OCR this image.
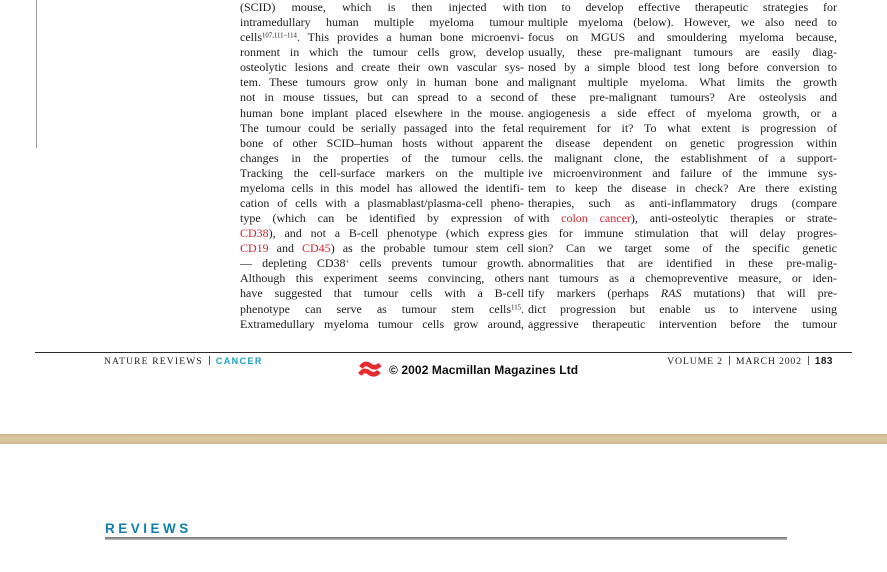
(SCID) mouse, which is then injected with
intramedullary human multiple myeloma tumour
cells$^{107,111-114}$. This provides a human bone microenvi-
ronment in which the tumour cells grow, develop
osteolytic lesions and create their own vascular sys-
tem. These tumours grow only in human bone and
not in mouse tissues, but can spread to a second
human bone implant placed elsewhere in the mouse.
The tumour could be serially passaged into the fetal
bone of other SCID–human hosts without apparent
changes in the properties of the tumour cells.
Tracking the cell-surface markers on the multiple
myeloma cells in this model has allowed the identifi-
cation of cells with a plasmablast/plasma-cell pheno-
type (which can be identified by expression of
CD38), and not a B-cell phenotype (which express
CD19 and CD45) as the probable tumour stem cell
— depleting CD38+ cells prevents tumour growth.
Although this experiment seems convincing, others
have suggested that tumour cells with a B-cell
phenotype can serve as tumour stem cells$^{115}$.
Extramedullary myeloma tumour cells grow around,
tion to develop effective therapeutic strategies for
multiple myeloma (below). However, we also need to
focus on MGUS and smouldering myeloma because,
usually, these pre-malignant tumours are easily diag-
nosed by a simple blood test long before conversion to
malignant multiple myeloma. What limits the growth
of these pre-malignant tumours? Are osteolysis and
angiogenesis a side effect of myeloma growth, or a
requirement for it? To what extent is progression of
the disease dependent on genetic progression within
the malignant clone, the establishment of a support-
ive microenvironment and failure of the immune sys-
tem to keep the disease in check? Are there existing
therapies, such as anti-inflammatory drugs (compare
with colon cancer), anti-osteolytic therapies or strate-
gies for immune stimulation that will delay progres-
sion? Can we target some of the specific genetic
abnormalities that are identified in these pre-malig-
nant tumours as a chemopreventive measure, or iden-
tify markers (perhaps RAS mutations) that will pre-
dict progression but enable us to intervene using
aggressive therapeutic intervention before the tumour
NATURE REVIEWS CANCER	VOLUME 2 MARCH 2002 183
© 2002 Macmillan Magazines Ltd
REVIEWS
